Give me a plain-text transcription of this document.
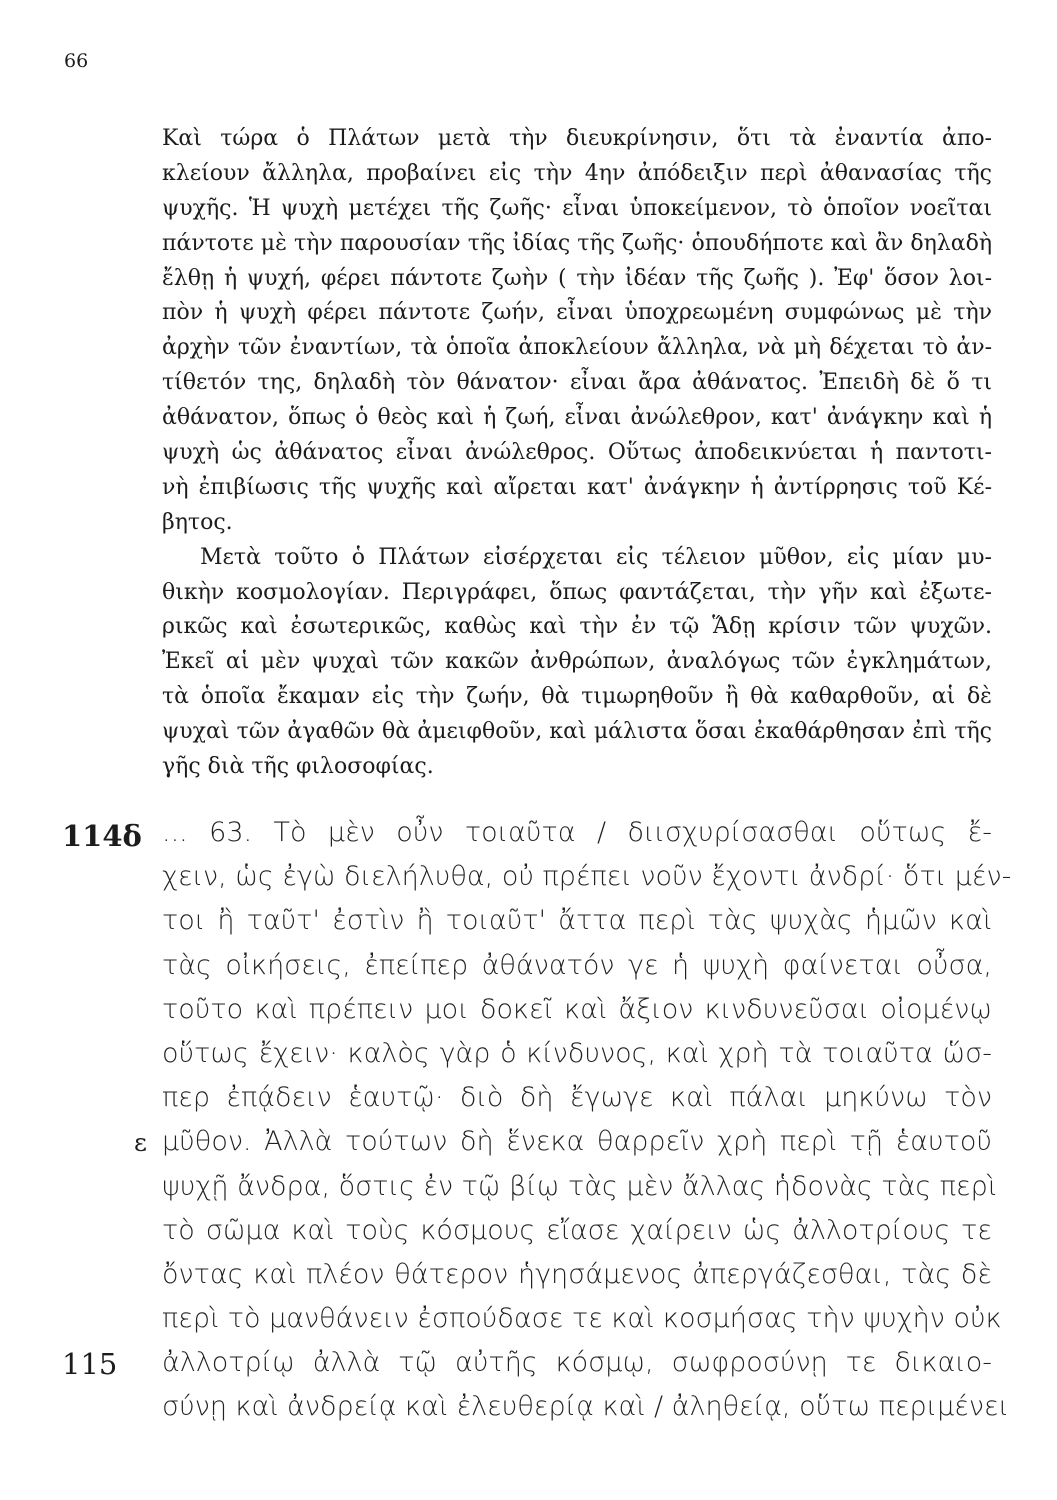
66
Καὶ τώρα ὁ Πλάτων μετὰ τὴν διευκρίνησιν, ὅτι τὰ ἐναντία ἀπο-
κλείουν ἄλληλα, προβαίνει εἰς τὴν 4ην ἀπόδειξιν περὶ ἀθανασίας τῆς
ψυχῆς. Ἡ ψυχὴ μετέχει τῆς ζωῆς· εἶναι ὑποκείμενον, τὸ ὁποῖον νοεῖται
πάντοτε μὲ τὴν παρουσίαν τῆς ἰδίας τῆς ζωῆς· ὁπουδήποτε καὶ ἂν δηλαδὴ
ἔλθῃ ἡ ψυχή, φέρει πάντοτε ζωὴν ( τὴν ἰδέαν τῆς ζωῆς ). Ἐφ' ὅσον λοι-
πὸν ἡ ψυχὴ φέρει πάντοτε ζωήν, εἶναι ὑποχρεωμένη συμφώνως μὲ τὴν
ἀρχὴν τῶν ἐναντίων, τὰ ὁποῖα ἀποκλείουν ἄλληλα, νὰ μὴ δέχεται τὸ ἀν-
τίθετόν της, δηλαδὴ τὸν θάνατον· εἶναι ἄρα ἀθάνατος. Ἐπειδὴ δὲ ὅ τι
ἀθάνατον, ὅπως ὁ θεὸς καὶ ἡ ζωή, εἶναι ἀνώλεθρον, κατ' ἀνάγκην καὶ ἡ
ψυχὴ ὡς ἀθάνατος εἶναι ἀνώλεθρος. Οὕτως ἀποδεικνύεται ἡ παντοτι-
νὴ ἐπιβίωσις τῆς ψυχῆς καὶ αἴρεται κατ' ἀνάγκην ἡ ἀντίρρησις τοῦ Κέ-
βητος.
Μετὰ τοῦτο ὁ Πλάτων εἰσέρχεται εἰς τέλειον μῦθον, εἰς μίαν μυ-
θικὴν κοσμολογίαν. Περιγράφει, ὅπως φαντάζεται, τὴν γῆν καὶ ἐξωτε-
ρικῶς καὶ ἐσωτερικῶς, καθὼς καὶ τὴν ἐν τῷ Ἅδῃ κρίσιν τῶν ψυχῶν.
Ἐκεῖ αἱ μὲν ψυχαὶ τῶν κακῶν ἀνθρώπων, ἀναλόγως τῶν ἐγκλημάτων,
τὰ ὁποῖα ἔκαμαν εἰς τὴν ζωήν, θὰ τιμωρηθοῦν ἢ θὰ καθαρθοῦν, αἱ δὲ
ψυχαὶ τῶν ἀγαθῶν θὰ ἀμειφθοῦν, καὶ μάλιστα ὅσαι ἐκαθάρθησαν ἐπὶ τῆς
γῆς διὰ τῆς φιλοσοφίας.
114δ
ε
115
... 63. Τὸ μὲν οὖν τοιαῦτα / διισχυρίσασθαι οὕτως ἔ-
χειν, ὡς ἐγὼ διελήλυθα, οὐ πρέπει νοῦν ἔχοντι ἀνδρί· ὅτι μέν-
τοι ἢ ταῦτ' ἐστὶν ἢ τοιαῦτ' ἄττα περὶ τὰς ψυχὰς ἡμῶν καὶ
τὰς οἰκήσεις, ἐπείπερ ἀθάνατόν γε ἡ ψυχὴ φαίνεται οὖσα,
τοῦτο καὶ πρέπειν μοι δοκεῖ καὶ ἄξιον κινδυνεῦσαι οἰομένῳ
οὕτως ἔχειν· καλὸς γὰρ ὁ κίνδυνος, καὶ χρὴ τὰ τοιαῦτα ὥσ-
περ ἐπᾴδειν ἑαυτῷ· διὸ δὴ ἔγωγε καὶ πάλαι μηκύνω τὸν
μῦθον. Ἀλλὰ τούτων δὴ ἕνεκα θαρρεῖν χρὴ περὶ τῇ ἑαυτοῦ
ψυχῇ ἄνδρα, ὅστις ἐν τῷ βίῳ τὰς μὲν ἄλλας ἡδονὰς τὰς περὶ
τὸ σῶμα καὶ τοὺς κόσμους εἴασε χαίρειν ὡς ἀλλοτρίους τε
ὄντας καὶ πλέον θάτερον ἡγησάμενος ἀπεργάζεσθαι, τὰς δὲ
περὶ τὸ μανθάνειν ἐσπούδασε τε καὶ κοσμήσας τὴν ψυχὴν οὐκ
ἀλλοτρίῳ ἀλλὰ τῷ αὐτῆς κόσμῳ, σωφροσύνῃ τε δικαιο-
σύνῃ καὶ ἀνδρείᾳ καὶ ἐλευθερίᾳ καὶ / ἀληθείᾳ, οὕτω περιμένει
